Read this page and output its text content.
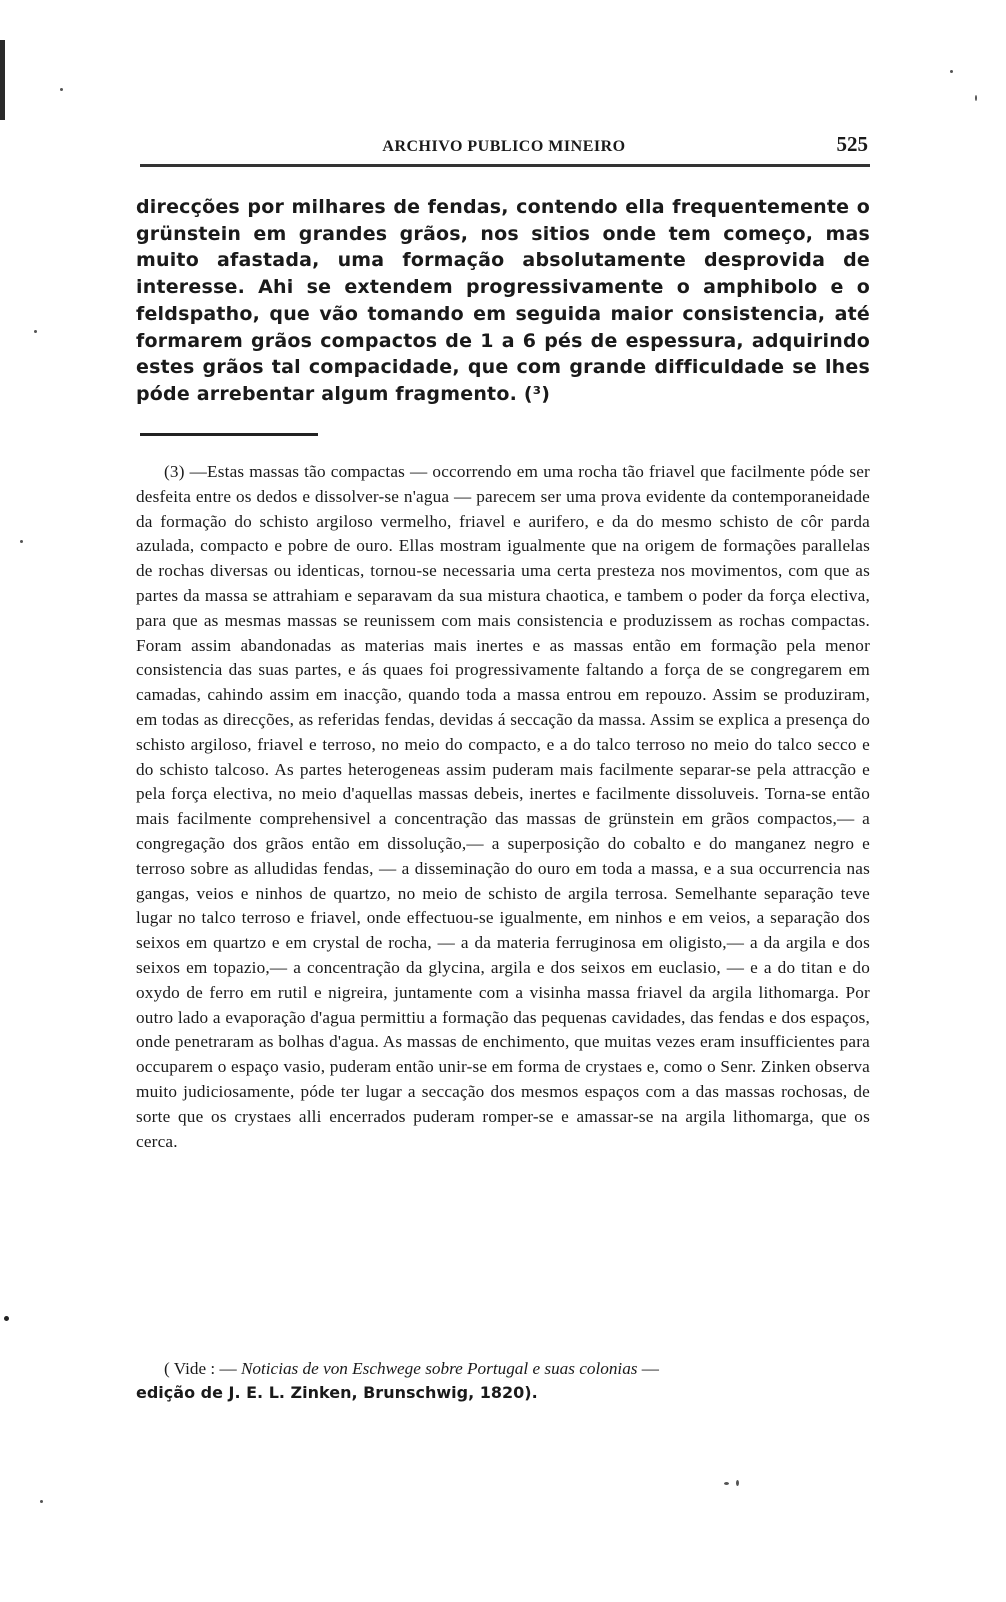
ARCHIVO PUBLICO MINEIRO	525

direcções por milhares de fendas, contendo ella frequentemente o grünstein em grandes grãos, nos sitios onde tem começo, mas muito afastada, uma formação absolutamente desprovida de interesse. Ahi se extendem progressivamente o amphibolo e o feldspatho, que vão tomando em seguida maior consistencia, até formarem grãos compactos de 1 a 6 pés de espessura, adquirindo estes grãos tal compacidade, que com grande difficuldade se lhes póde arrebentar algum fragmento. (³)

(3) —Estas massas tão compactas — occorrendo em uma rocha tão friavel que facilmente póde ser desfeita entre os dedos e dissolver-se n'agua — parecem ser uma prova evidente da contemporaneidade da formação do schisto argiloso vermelho, friavel e aurifero, e da do mesmo schisto de côr parda azulada, compacto e pobre de ouro. Ellas mostram igualmente que na origem de formações parallelas de rochas diversas ou identicas, tornou-se necessaria uma certa presteza nos movimentos, com que as partes da massa se attrahiam e separavam da sua mistura chaotica, e tambem o poder da força electiva, para que as mesmas massas se reunissem com mais consistencia e produzissem as rochas compactas. Foram assim abandonadas as materias mais inertes e as massas então em formação pela menor consistencia das suas partes, e ás quaes foi progressivamente faltando a força de se congregarem em camadas, cahindo assim em inacção, quando toda a massa entrou em repouzo. Assim se produziram, em todas as direcções, as referidas fendas, devidas á seccação da massa. Assim se explica a presença do schisto argiloso, friavel e terroso, no meio do compacto, e a do talco terroso no meio do talco secco e do schisto talcoso. As partes heterogeneas assim puderam mais facilmente separar-se pela attracção e pela força electiva, no meio d'aquellas massas debeis, inertes e facilmente dissoluveis. Torna-se então mais facilmente comprehensivel a concentração das massas de grünstein em grãos compactos,— a congregação dos grãos então em dissolução,— a superposição do cobalto e do manganez negro e terroso sobre as alludidas fendas, — a disseminação do ouro em toda a massa, e a sua occurrencia nas gangas, veios e ninhos de quartzo, no meio de schisto de argila terrosa. Semelhante separação teve lugar no talco terroso e friavel, onde effectuou-se igualmente, em ninhos e em veios, a separação dos seixos em quartzo e em crystal de rocha, — a da materia ferruginosa em oligisto,— a da argila e dos seixos em topazio,— a concentração da glycina, argila e dos seixos em euclasio, — e a do titan e do oxydo de ferro em rutil e nigreira, juntamente com a visinha massa friavel da argila lithomarga. Por outro lado a evaporação d'agua permittiu a formação das pequenas cavidades, das fendas e dos espaços, onde penetraram as bolhas d'agua. As massas de enchimento, que muitas vezes eram insufficientes para occuparem o espaço vasio, puderam então unir-se em forma de crystaes e, como o Senr. Zinken observa muito judiciosamente, póde ter lugar a seccação dos mesmos espaços com a das massas rochosas, de sorte que os crystaes alli encerrados puderam romper-se e amassar-se na argila lithomarga, que os cerca.

( Vide : — Noticias de von Eschwege sobre Portugal e suas colonias —
edição de J. E. L. Zinken, Brunschwig, 1820).
